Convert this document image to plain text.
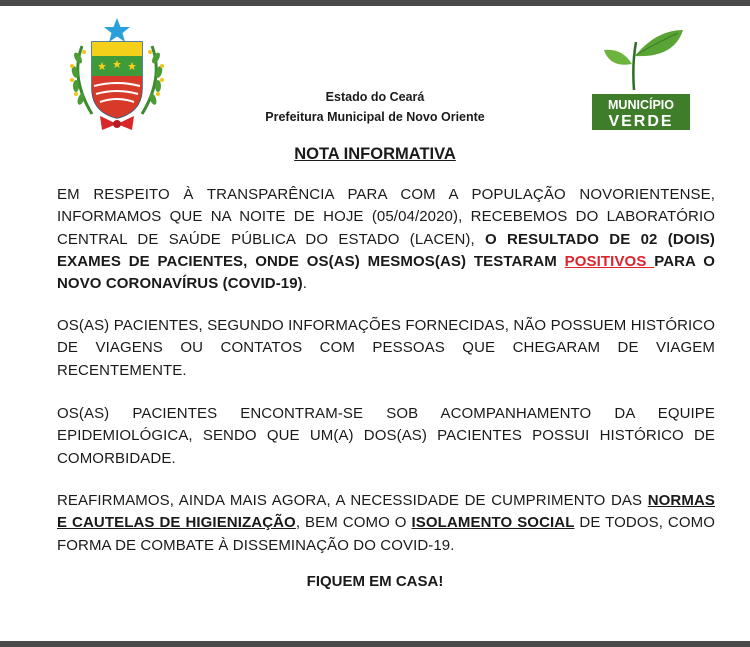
MUNICÍPIO
VERDE
Estado do Ceará
Prefeitura Municipal de Novo Oriente
NOTA INFORMATIVA
EM RESPEITO À TRANSPARÊNCIA PARA COM A POPULAÇÃO NOVORIENTENSE, INFORMAMOS QUE NA NOITE DE HOJE (05/04/2020), RECEBEMOS DO LABORATÓRIO CENTRAL DE SAÚDE PÚBLICA DO ESTADO (LACEN), O RESULTADO DE 02 (DOIS) EXAMES DE PACIENTES, ONDE OS(AS) MESMOS(AS) TESTARAM POSITIVOS PARA O NOVO CORONAVÍRUS (COVID-19).
OS(AS) PACIENTES, SEGUNDO INFORMAÇÕES FORNECIDAS, NÃO POSSUEM HISTÓRICO DE VIAGENS OU CONTATOS COM PESSOAS QUE CHEGARAM DE VIAGEM RECENTEMENTE.
OS(AS) PACIENTES ENCONTRAM-SE SOB ACOMPANHAMENTO DA EQUIPE EPIDEMIOLÓGICA, SENDO QUE UM(A) DOS(AS) PACIENTES POSSUI HISTÓRICO DE COMORBIDADE.
REAFIRMAMOS, AINDA MAIS AGORA, A NECESSIDADE DE CUMPRIMENTO DAS NORMAS E CAUTELAS DE HIGIENIZAÇÃO, BEM COMO O ISOLAMENTO SOCIAL DE TODOS, COMO FORMA DE COMBATE À DISSEMINAÇÃO DO COVID-19.
FIQUEM EM CASA!
